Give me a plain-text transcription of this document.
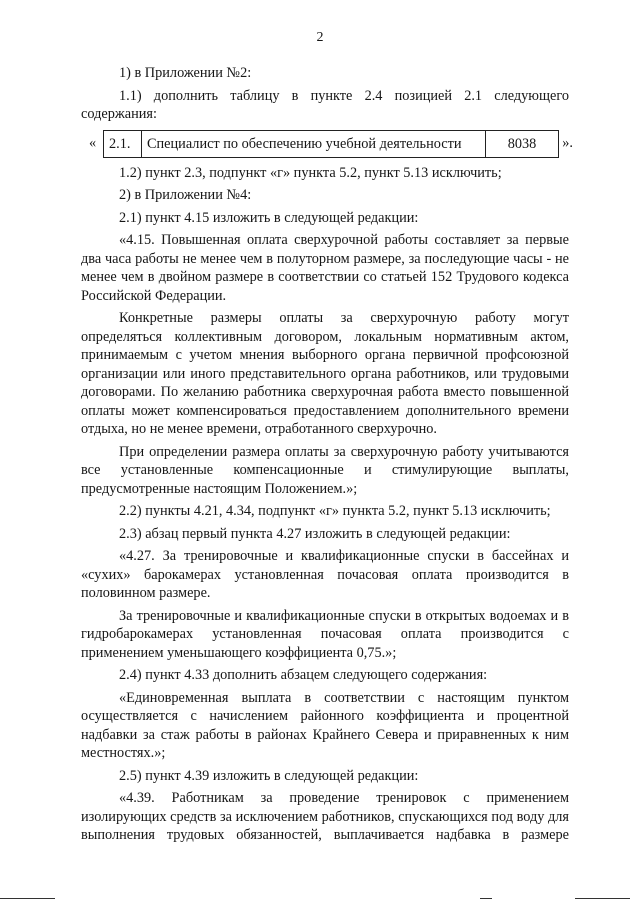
2

1) в Приложении №2:

1.1) дополнить таблицу в пункте 2.4 позицией 2.1 следующего содержания:

« 2.1.	Специалист по обеспечению учебной деятельности	8038 ».

1.2) пункт 2.3, подпункт «г» пункта 5.2, пункт 5.13 исключить;

2) в Приложении №4:

2.1) пункт 4.15 изложить в следующей редакции:

«4.15. Повышенная оплата сверхурочной работы составляет за первые два часа работы не менее чем в полуторном размере, за последующие часы - не менее чем в двойном размере в соответствии со статьей 152 Трудового кодекса Российской Федерации.

Конкретные размеры оплаты за сверхурочную работу могут определяться коллективным договором, локальным нормативным актом, принимаемым с учетом мнения выборного органа первичной профсоюзной организации или иного представительного органа работников, или трудовыми договорами. По желанию работника сверхурочная работа вместо повышенной оплаты может компенсироваться предоставлением дополнительного времени отдыха, но не менее времени, отработанного сверхурочно.

При определении размера оплаты за сверхурочную работу учитываются все установленные компенсационные и стимулирующие выплаты, предусмотренные настоящим Положением.»;

2.2) пункты 4.21, 4.34, подпункт «г» пункта 5.2, пункт 5.13 исключить;

2.3) абзац первый пункта 4.27 изложить в следующей редакции:

«4.27. За тренировочные и квалификационные спуски в бассейнах и «сухих» барокамерах установленная почасовая оплата производится в половинном размере.

За тренировочные и квалификационные спуски в открытых водоемах и в гидробарокамерах установленная почасовая оплата производится с применением уменьшающего коэффициента 0,75.»;

2.4) пункт 4.33 дополнить абзацем следующего содержания:

«Единовременная выплата в соответствии с настоящим пунктом осуществляется с начислением районного коэффициента и процентной надбавки за стаж работы в районах Крайнего Севера и приравненных к ним местностях.»;

2.5) пункт 4.39 изложить в следующей редакции:

«4.39. Работникам за проведение тренировок с применением изолирующих средств за исключением работников, спускающихся под воду для выполнения трудовых обязанностей, выплачивается надбавка в размере
